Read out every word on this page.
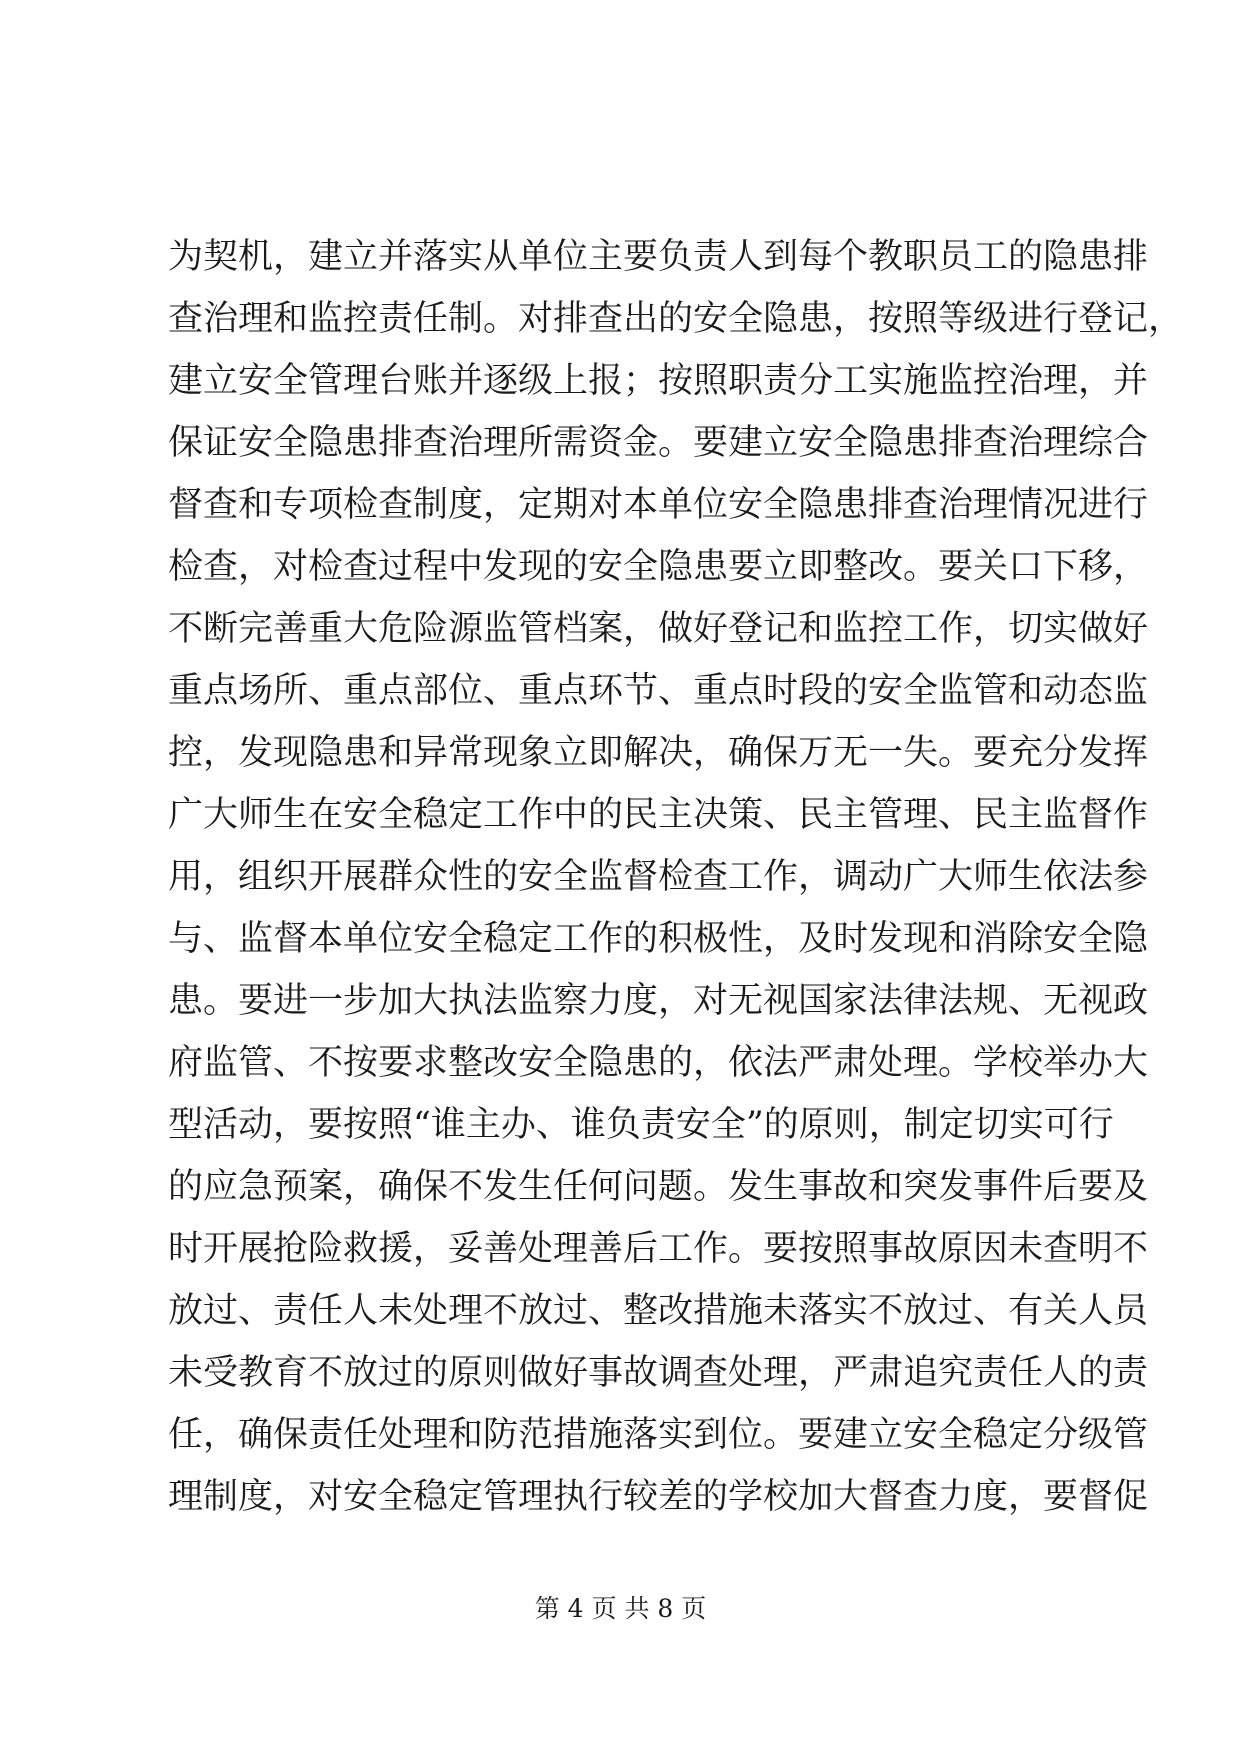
为契机，建立并落实从单位主要负责人到每个教职员工的隐患排
查治理和监控责任制。对排查出的安全隐患，按照等级进行登记，
建立安全管理台账并逐级上报；按照职责分工实施监控治理，并
保证安全隐患排查治理所需资金。要建立安全隐患排查治理综合
督查和专项检查制度，定期对本单位安全隐患排查治理情况进行
检查，对检查过程中发现的安全隐患要立即整改。要关口下移，
不断完善重大危险源监管档案，做好登记和监控工作，切实做好
重点场所、重点部位、重点环节、重点时段的安全监管和动态监
控，发现隐患和异常现象立即解决，确保万无一失。要充分发挥
广大师生在安全稳定工作中的民主决策、民主管理、民主监督作
用，组织开展群众性的安全监督检查工作，调动广大师生依法参
与、监督本单位安全稳定工作的积极性，及时发现和消除安全隐
患。要进一步加大执法监察力度，对无视国家法律法规、无视政
府监管、不按要求整改安全隐患的，依法严肃处理。学校举办大
型活动，要按照“谁主办、谁负责安全”的原则，制定切实可行
的应急预案，确保不发生任何问题。发生事故和突发事件后要及
时开展抢险救援，妥善处理善后工作。要按照事故原因未查明不
放过、责任人未处理不放过、整改措施未落实不放过、有关人员
未受教育不放过的原则做好事故调查处理，严肃追究责任人的责
任，确保责任处理和防范措施落实到位。要建立安全稳定分级管
理制度，对安全稳定管理执行较差的学校加大督查力度，要督促
第 4 页 共 8 页
